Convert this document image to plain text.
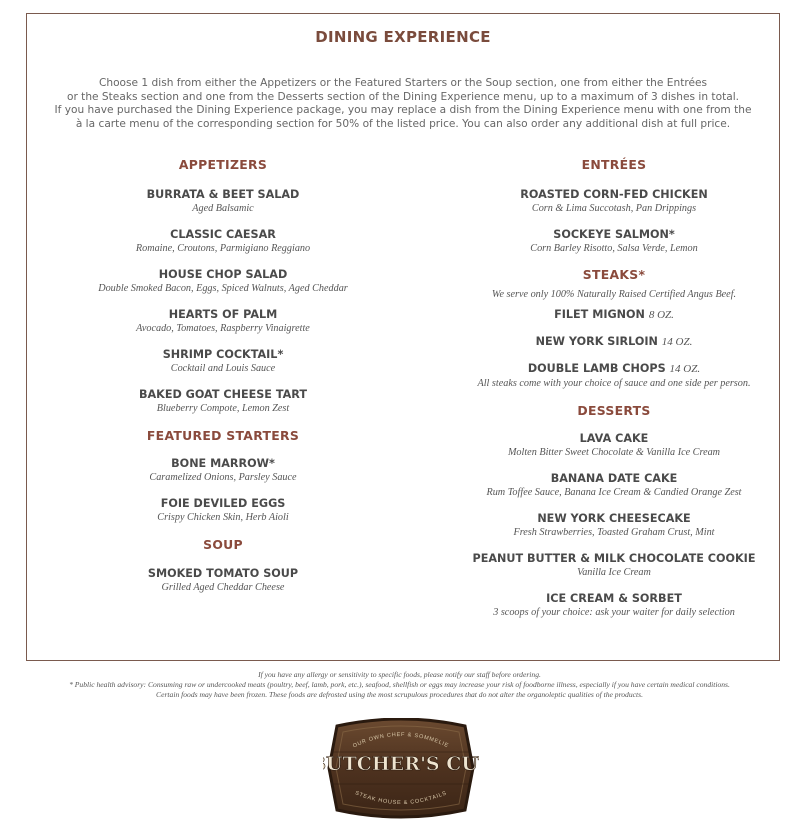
DINING EXPERIENCE
Choose 1 dish from either the Appetizers or the Featured Starters or the Soup section, one from either the Entrées
or the Steaks section and one from the Desserts section of the Dining Experience menu, up to a maximum of 3 dishes in total.
If you have purchased the Dining Experience package, you may replace a dish from the Dining Experience menu with one from the
à la carte menu of the corresponding section for 50% of the listed price. You can also order any additional dish at full price.
APPETIZERS
BURRATA & BEET SALAD
Aged Balsamic
CLASSIC CAESAR
Romaine, Croutons, Parmigiano Reggiano
HOUSE CHOP SALAD
Double Smoked Bacon, Eggs, Spiced Walnuts, Aged Cheddar
HEARTS OF PALM
Avocado, Tomatoes, Raspberry Vinaigrette
SHRIMP COCKTAIL*
Cocktail and Louis Sauce
BAKED GOAT CHEESE TART
Blueberry Compote, Lemon Zest
FEATURED STARTERS
BONE MARROW*
Caramelized Onions, Parsley Sauce
FOIE DEVILED EGGS
Crispy Chicken Skin, Herb Aioli
SOUP
SMOKED TOMATO SOUP
Grilled Aged Cheddar Cheese
ENTRÉES
ROASTED CORN-FED CHICKEN
Corn & Lima Succotash, Pan Drippings
SOCKEYE SALMON*
Corn Barley Risotto, Salsa Verde, Lemon
STEAKS*
We serve only 100% Naturally Raised Certified Angus Beef.
FILET MIGNON 8 OZ.
NEW YORK SIRLOIN 14 OZ.
DOUBLE LAMB CHOPS 14 OZ.
All steaks come with your choice of sauce and one side per person.
DESSERTS
LAVA CAKE
Molten Bitter Sweet Chocolate & Vanilla Ice Cream
BANANA DATE CAKE
Rum Toffee Sauce, Banana Ice Cream & Candied Orange Zest
NEW YORK CHEESECAKE
Fresh Strawberries, Toasted Graham Crust, Mint
PEANUT BUTTER & MILK CHOCOLATE COOKIE
Vanilla Ice Cream
ICE CREAM & SORBET
3 scoops of your choice: ask your waiter for daily selection
If you have any allergy or sensitivity to specific foods, please notify our staff before ordering.
* Public health advisory: Consuming raw or undercooked meats (poultry, beef, lamb, pork, etc.), seafood, shellfish or eggs may increase your risk of foodborne illness, especially if you have certain medical conditions.
Certain foods may have been frozen. These foods are defrosted using the most scrupulous procedures that do not alter the organoleptic qualities of the products.
OUR OWN CHEF & SOMMELIE
UTCHER'S CU
STEAK HOUSE & COCKTAILS
